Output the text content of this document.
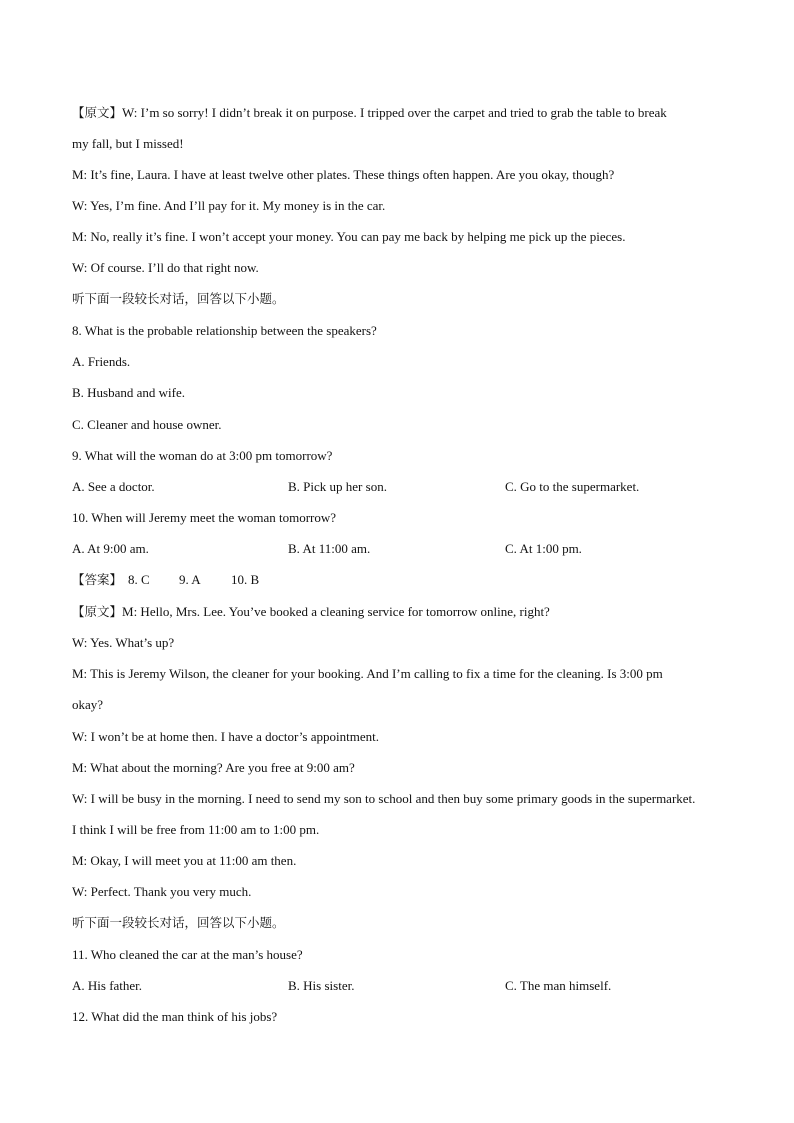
【原文】W: I’m so sorry! I didn’t break it on purpose. I tripped over the carpet and tried to grab the table to break
my fall, but I missed!
M: It’s fine, Laura. I have at least twelve other plates. These things often happen. Are you okay, though?
W: Yes, I’m fine. And I’ll pay for it. My money is in the car.
M: No, really it’s fine. I won’t accept your money. You can pay me back by helping me pick up the pieces.
W: Of course. I’ll do that right now.
听下面一段较长对话，回答以下小题。
8. What is the probable relationship between the speakers?
A. Friends.
B. Husband and wife.
C. Cleaner and house owner.
9. What will the woman do at 3:00 pm tomorrow?
A. See a doctor.	B. Pick up her son.	C. Go to the supermarket.
10. When will Jeremy meet the woman tomorrow?
A. At 9:00 am.	B. At 11:00 am.	C. At 1:00 pm.
【答案】 8. C 9. A 10. B
【原文】M: Hello, Mrs. Lee. You’ve booked a cleaning service for tomorrow online, right?
W: Yes. What’s up?
M: This is Jeremy Wilson, the cleaner for your booking. And I’m calling to fix a time for the cleaning. Is 3:00 pm
okay?
W: I won’t be at home then. I have a doctor’s appointment.
M: What about the morning? Are you free at 9:00 am?
W: I will be busy in the morning. I need to send my son to school and then buy some primary goods in the supermarket.
I think I will be free from 11:00 am to 1:00 pm.
M: Okay, I will meet you at 11:00 am then.
W: Perfect. Thank you very much.
听下面一段较长对话，回答以下小题。
11. Who cleaned the car at the man’s house?
A. His father.	B. His sister.	C. The man himself.
12. What did the man think of his jobs?
